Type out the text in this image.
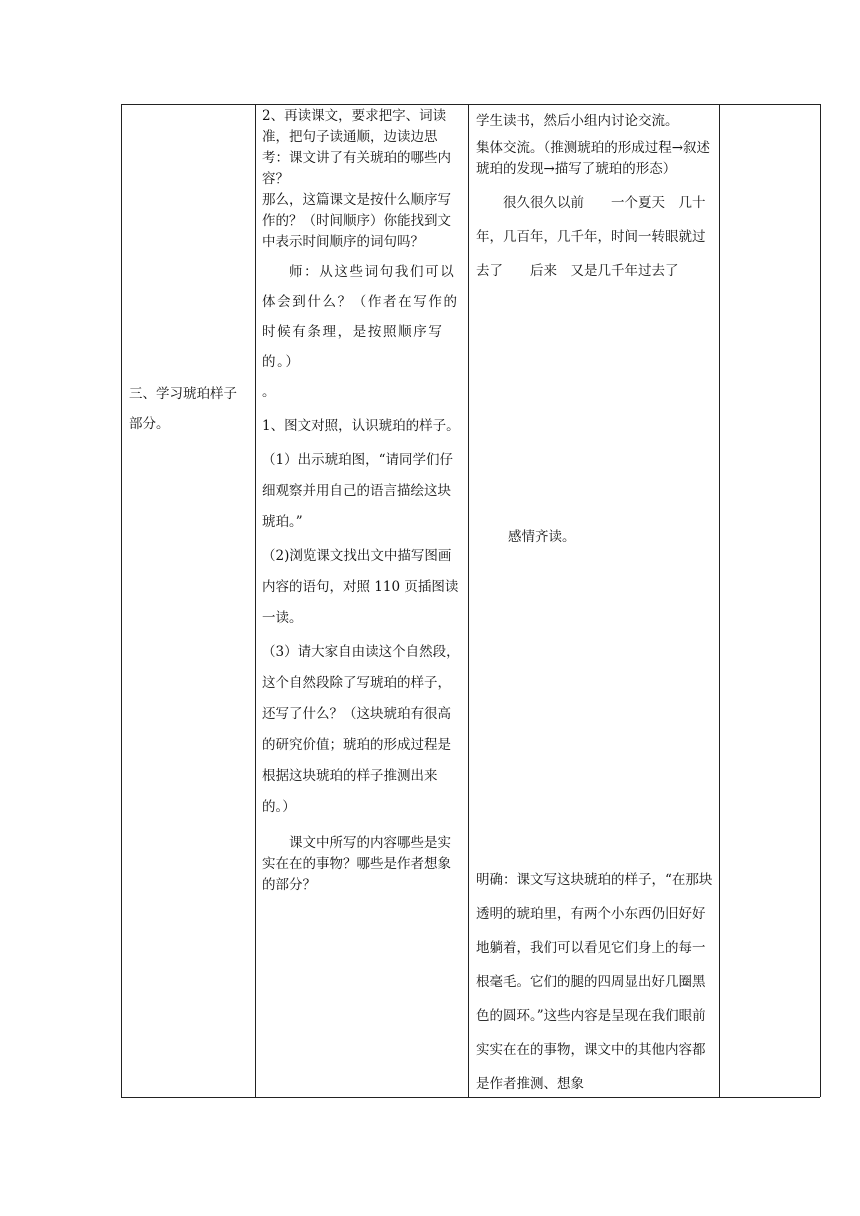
三、学习琥珀样子部分。

2、再读课文，要求把字、词读准，把句子读通顺，边读边思考：课文讲了有关琥珀的哪些内容？

那么，这篇课文是按什么顺序写作的？（时间顺序）你能找到文中表示时间顺序的词句吗？

师：从这些词句我们可以体会到什么？（作者在写作的时候有条理，是按照顺序写的。）

。

1、图文对照，认识琥珀的样子。

（1）出示琥珀图，“请同学们仔细观察并用自己的语言描绘这块琥珀。”

（2)浏览课文找出文中描写图画内容的语句，对照 110 页插图读一读。

（3）请大家自由读这个自然段，这个自然段除了写琥珀的样子，还写了什么？（这块琥珀有很高的研究价值；琥珀的形成过程是根据这块琥珀的样子推测出来的。）

课文中所写的内容哪些是实实在在的事物？哪些是作者想象的部分？

学生读书，然后小组内讨论交流。

集体交流。（推测琥珀的形成过程→叙述琥珀的发现→描写了琥珀的形态）

很久很久以前　　一个夏天　几十年，几百年，几千年，时间一转眼就过去了　　后来　又是几千年过去了

感情齐读。

明确：课文写这块琥珀的样子，“在那块透明的琥珀里，有两个小东西仍旧好好地躺着，我们可以看见它们身上的每一根毫毛。它们的腿的四周显出好几圈黑色的圆环。”这些内容是呈现在我们眼前实实在在的事物，课文中的其他内容都是作者推测、想象
